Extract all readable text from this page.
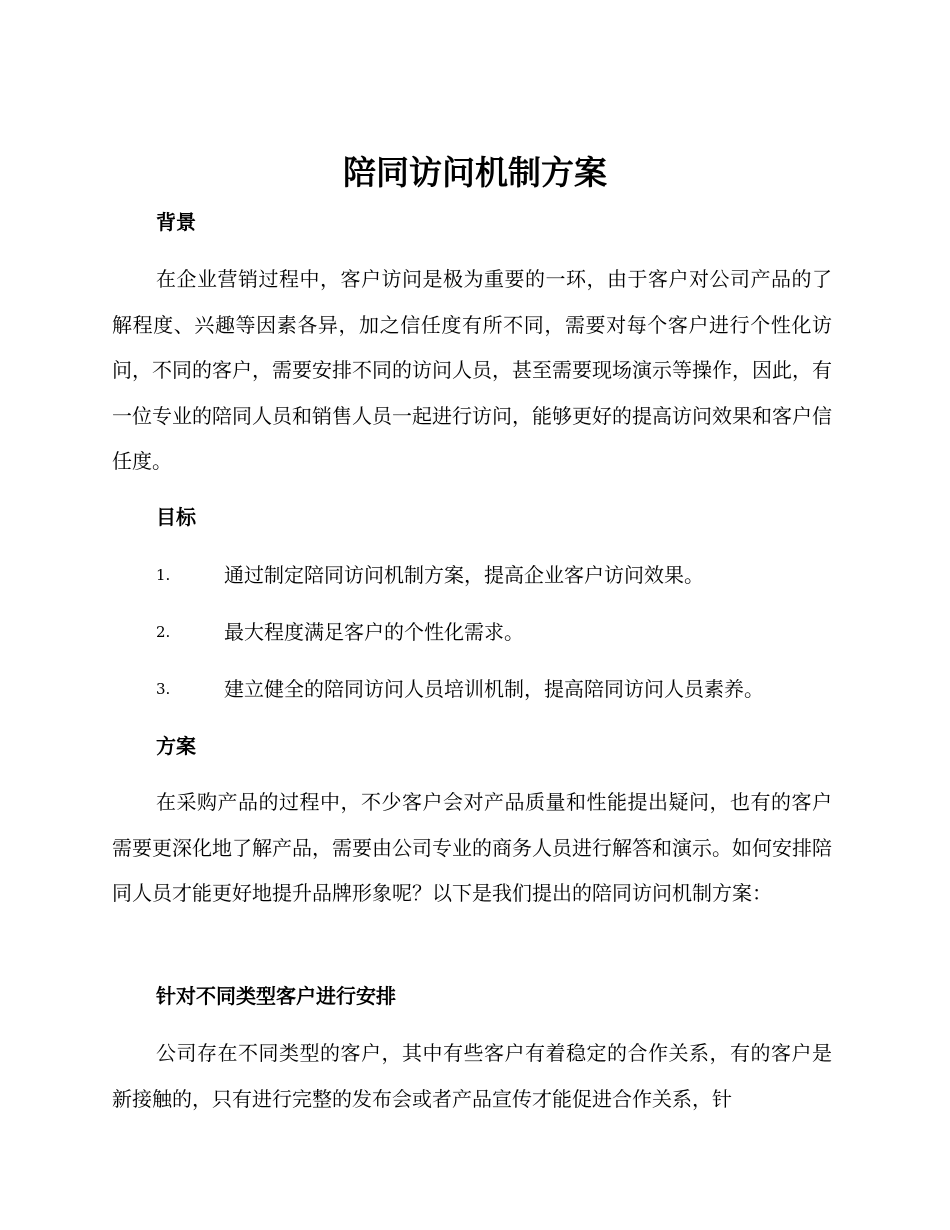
陪同访问机制方案
背景

在企业营销过程中，客户访问是极为重要的一环，由于客户对公司产品的了解程度、兴趣等因素各异，加之信任度有所不同，需要对每个客户进行个性化访问，不同的客户，需要安排不同的访问人员，甚至需要现场演示等操作，因此，有一位专业的陪同人员和销售人员一起进行访问，能够更好的提高访问效果和客户信任度。

目标
1.	通过制定陪同访问机制方案，提高企业客户访问效果。
2.	最大程度满足客户的个性化需求。
3.	建立健全的陪同访问人员培训机制，提高陪同访问人员素养。
方案

在采购产品的过程中，不少客户会对产品质量和性能提出疑问，也有的客户需要更深化地了解产品，需要由公司专业的商务人员进行解答和演示。如何安排陪同人员才能更好地提升品牌形象呢？以下是我们提出的陪同访问机制方案：

针对不同类型客户进行安排

公司存在不同类型的客户，其中有些客户有着稳定的合作关系，有的客户是新接触的，只有进行完整的发布会或者产品宣传才能促进合作关系，针
